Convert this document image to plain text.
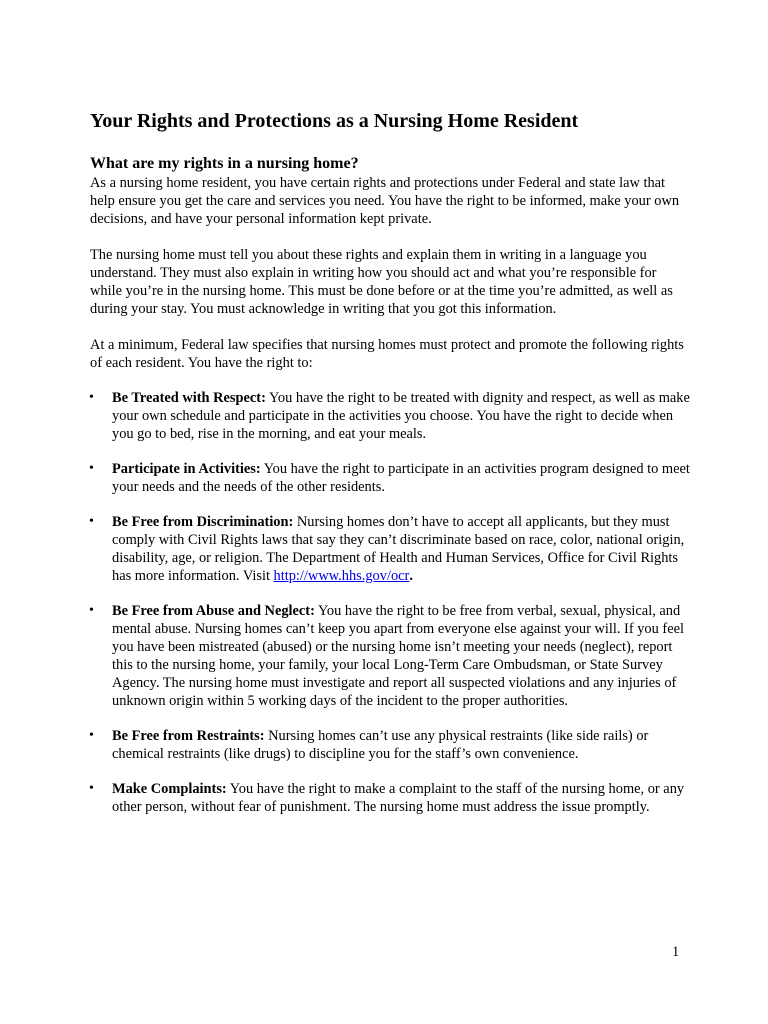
Your Rights and Protections as a Nursing Home Resident
What are my rights in a nursing home?

As a nursing home resident, you have certain rights and protections under Federal and state law that help ensure you get the care and services you need. You have the right to be informed, make your own decisions, and have your personal information kept private.

The nursing home must tell you about these rights and explain them in writing in a language you understand. They must also explain in writing how you should act and what you’re responsible for while you’re in the nursing home. This must be done before or at the time you’re admitted, as well as during your stay. You must acknowledge in writing that you got this information.

At a minimum, Federal law specifies that nursing homes must protect and promote the following rights of each resident. You have the right to:

• Be Treated with Respect: You have the right to be treated with dignity and respect, as well as make your own schedule and participate in the activities you choose. You have the right to decide when you go to bed, rise in the morning, and eat your meals.
• Participate in Activities: You have the right to participate in an activities program designed to meet your needs and the needs of the other residents.
• Be Free from Discrimination: Nursing homes don’t have to accept all applicants, but they must comply with Civil Rights laws that say they can’t discriminate based on race, color, national origin, disability, age, or religion. The Department of Health and Human Services, Office for Civil Rights has more information. Visit http://www.hhs.gov/ocr.
• Be Free from Abuse and Neglect: You have the right to be free from verbal, sexual, physical, and mental abuse. Nursing homes can’t keep you apart from everyone else against your will. If you feel you have been mistreated (abused) or the nursing home isn’t meeting your needs (neglect), report this to the nursing home, your family, your local Long-Term Care Ombudsman, or State Survey Agency. The nursing home must investigate and report all suspected violations and any injuries of unknown origin within 5 working days of the incident to the proper authorities.
• Be Free from Restraints: Nursing homes can’t use any physical restraints (like side rails) or chemical restraints (like drugs) to discipline you for the staff’s own convenience.
• Make Complaints: You have the right to make a complaint to the staff of the nursing home, or any other person, without fear of punishment. The nursing home must address the issue promptly.
1
